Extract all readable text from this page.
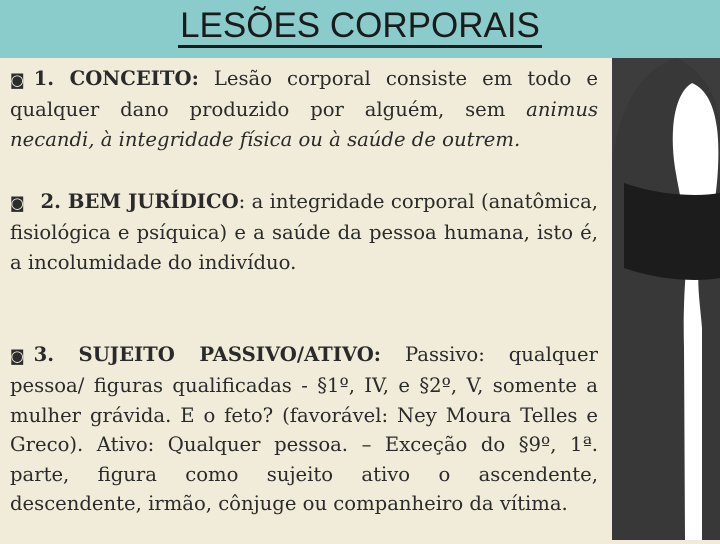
LESÕES CORPORAIS
◙ 1. CONCEITO: Lesão corporal consiste em todo e qualquer dano produzido por alguém, sem animus necandi, à integridade física ou à saúde de outrem.
◙ 2. BEM JURÍDICO: a integridade corporal (anatômica, fisiológica e psíquica) e a saúde da pessoa humana, isto é, a incolumidade do indivíduo.
◙ 3. SUJEITO PASSIVO/ATIVO: Passivo: qualquer pessoa/ figuras qualificadas - §1º, IV, e §2º, V, somente a mulher grávida. E o feto? (favorável: Ney Moura Telles e Greco). Ativo: Qualquer pessoa. – Exceção do §9º, 1ª. parte, figura como sujeito ativo o ascendente, descendente, irmão, cônjuge ou companheiro da vítima.
